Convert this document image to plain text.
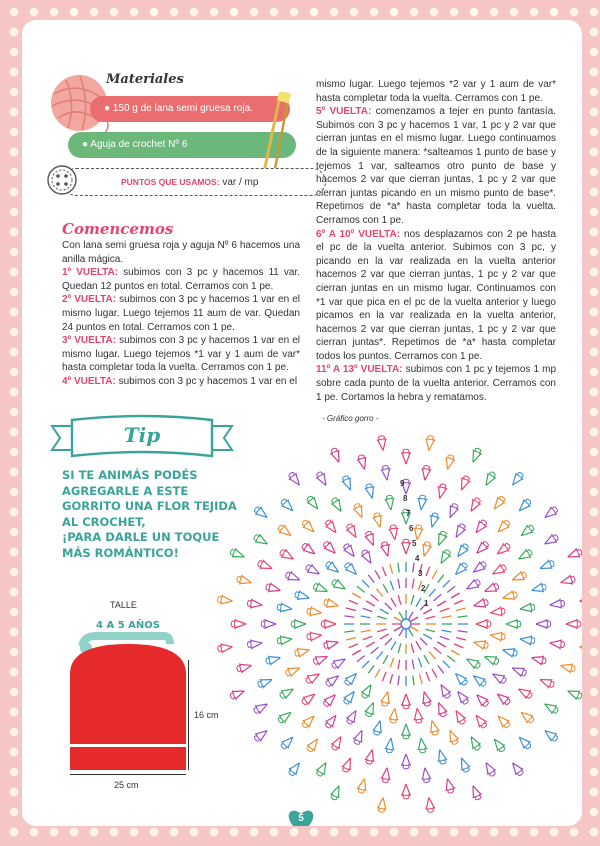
Materiales
● 150 g de lana semi gruesa roja.
● Aguja de crochet Nº 6
PUNTOS QUE USAMOS: var / mp
Comencemos

Con lana semi gruesa roja y aguja Nº 6 hacemos una anilla mágica.

1º VUELTA: subimos con 3 pc y hacemos 11 var. Quedan 12 puntos en total. Cerramos con 1 pe.

2º VUELTA: subimos con 3 pc y hacemos 1 var en el mismo lugar. Luego tejemos 11 aum de var. Quedan 24 puntos en total. Cerramos con 1 pe.

3º VUELTA: subimos con 3 pc y hacemos 1 var en el mismo lugar. Luego tejemos *1 var y 1 aum de var* hasta completar toda la vuelta. Cerramos con 1 pe.

4º VUELTA: subimos con 3 pc y hacemos 1 var en el

mismo lugar. Luego tejemos *2 var y 1 aum de var* hasta completar toda la vuelta. Cerramos con 1 pe.

5º VUELTA: comenzamos a tejer en punto fantasía. Subimos con 3 pc y hacemos 1 var, 1 pc y 2 var que cierran juntas en el mismo lugar. Luego continuamos de la siguiente manera: *salteamos 1 punto de base y tejemos 1 var, salteamos otro punto de base y hacemos 2 var que cierran juntas, 1 pc y 2 var que cierran juntas picando en un mismo punto de base*. Repetimos de *a* hasta completar toda la vuelta. Cerramos con 1 pe.

6º A 10º VUELTA: nos desplazamos con 2 pe hasta el pc de la vuelta anterior. Subimos con 3 pc, y picando en la var realizada en la vuelta anterior hacemos 2 var que cierran juntas, 1 pc y 2 var que cierran juntas en un mismo lugar. Continuamos con *1 var que pica en el pc de la vuelta anterior y luego picamos en la var realizada en la vuelta anterior, hacemos 2 var que cierran juntas, 1 pc y 2 var que cierran juntas*. Repetimos de *a* hasta completar todos los puntos. Cerramos con 1 pe.

11º A 13º VUELTA: subimos con 1 pc y tejemos 1 mp sobre cada punto de la vuelta anterior. Cerramos con 1 pe. Cortamos la hebra y rematamos.

Tip
SI TE ANIMÁS PODÉS
AGREGARLE A ESTE
GORRITO UNA FLOR TEJIDA
AL CROCHET,
¡PARA DARLE UN TOQUE
MÁS ROMÁNTICO!
TALLE
4 A 5 AÑOS
16 cm
25 cm
- Gráfico gorro -
1
2
3
4
5
6
7
8
9
5
